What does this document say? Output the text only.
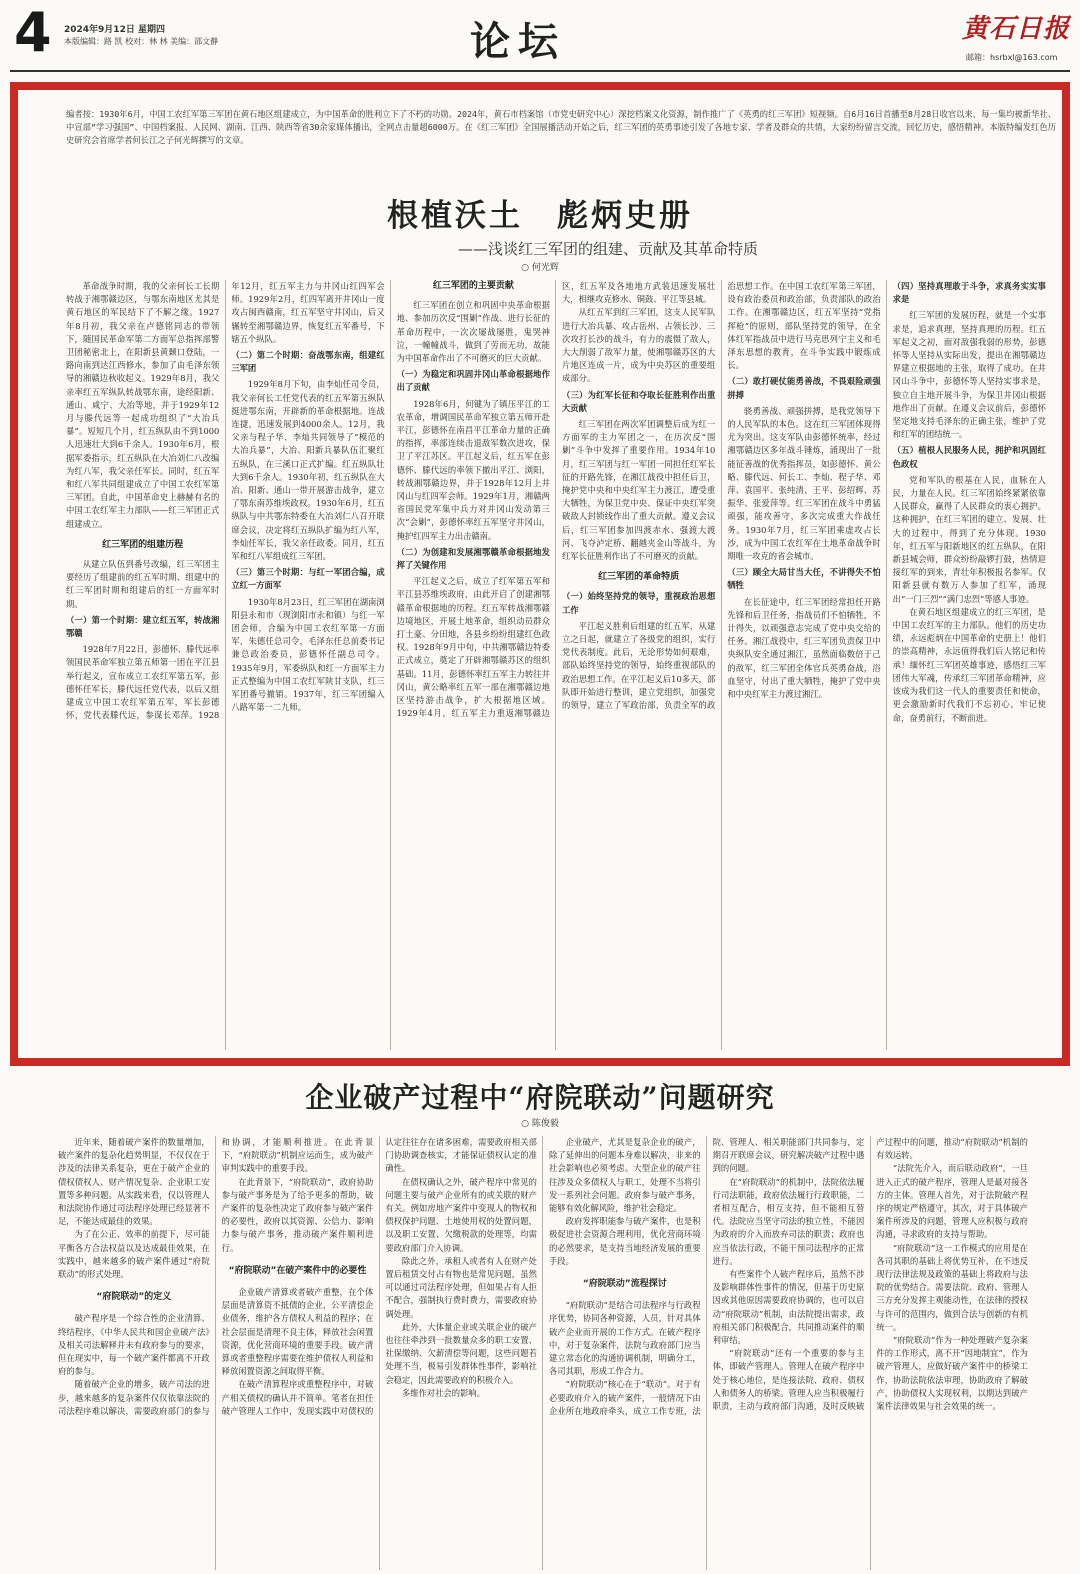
4 2024年9月12日 星期四
本版编辑：路 凯 校对：林 林 美编：邵文静	论坛	黄石日报
邮箱：hsrbxl@163.com
编者按：1930年6月，中国工农红军第三军团在黄石地区组建成立，为中国革命的胜利立下了不朽的功勋。2024年，黄石市档案馆（市党史研究中心）深挖档案文化资源，制作推广了《英勇的红三军团》短视频。自6月16日首播至8月28日收官以来，每一集均被新华社、中宣部“学习强国”、中国档案报、人民网、湖南、江西、陕西等省30余家媒体播出，全网点击量超6000万。在《红三军团》全国展播活动开始之后，红三军团的英勇事迹引发了各地专家、学者及群众的共情，大家纷纷留言交流，回忆历史，感悟精神。本版特编发红色历史研究会首席学者何长江之子何光辉撰写的文章。
根植沃土　彪炳史册
——浅谈红三军团的组建、贡献及其革命特质
○ 何光辉

革命战争时期，我的父亲何长工长期转战于湘鄂赣边区，与鄂东南地区尤其是黄石地区的军民结下了不解之缘。1927年8月初，我父亲在卢德铭同志的带领下，随国民革命军第二方面军总指挥部警卫团秘密北上，在阳新县黄颡口登陆，一路向南到达江西修水，参加了由毛泽东领导的湘赣边秋收起义。1929年8月，我父亲率红五军纵队转战鄂东南，途经阳新、通山、咸宁、大冶等地，并于1929年12月与滕代远等一起成功组织了“大冶兵暴”。短短几个月，红五纵队由不到1000人迅速壮大到6千余人。1930年6月，根据军委指示，红五纵队在大冶刘仁八改编为红八军，我父亲任军长。同时，红五军和红八军共同组建成立了中国工农红军第三军团。自此，中国革命史上赫赫有名的中国工农红军主力部队——红三军团正式组建成立。

红三军团的组建历程

从建立队伍到番号改编，红三军团主要经历了组建前的红五军时期、组建中的红三军团时期和组建后的红一方面军时期。

（一）第一个时期：建立红五军，转战湘鄂赣

1928年7月22日，彭德怀、滕代远率领国民革命军独立第五师第一团在平江县举行起义，宣布成立工农红军第五军，彭德怀任军长，滕代远任党代表，以后又组建成立中国工农红军第五军，军长彭德怀，党代表滕代远，参谋长邓萍。1928年12月，红五军主力与井冈山红四军会师。1929年2月，红四军离开井冈山一度攻占闽西赣南，红五军坚守井冈山，后又辗转至湘鄂赣边界，恢复红五军番号，下辖五个纵队。

（二）第二个时期：奋战鄂东南，组建红三军团

1929年8月下旬，由李灿任司令员，我父亲何长工任党代表的红五军第五纵队挺进鄂东南，开辟新的革命根据地。连战连捷，迅速发展到4000余人。12月，我父亲与程子华、李灿共同领导了“模范的大冶兵暴”，大冶、阳新兵暴队伍汇聚红五纵队，在三溪口正式扩编。红五纵队壮大到6千余人。1930年初，红五纵队在大冶、阳新、通山一带开展游击战争，建立了鄂东南苏维埃政权。1930年6月，红五纵队与中共鄂东特委在大冶刘仁八召开联席会议，决定将红五纵队扩编为红八军，李灿任军长，我父亲任政委。同月，红五军和红八军组成红三军团。

（三）第三个时期：与红一军团合编，成立红一方面军

1930年8月23日，红三军团在湖南浏阳县永和市（现浏阳市永和镇）与红一军团会师，合编为中国工农红军第一方面军，朱德任总司令，毛泽东任总前委书记兼总政治委员，彭德怀任副总司令。1935年9月，军委纵队和红一方面军主力正式整编为中国工农红军陕甘支队，红三军团番号撤销。1937年，红三军团编入八路军第一二九师。

红三军团的主要贡献

红三军团在创立和巩固中央革命根据地、参加历次反“围剿”作战、进行长征的革命历程中，一次次屡战屡胜，鬼哭神泣，一幢幢战斗，做到了劳而无功，故能为中国革命作出了不可磨灭的巨大贡献。

（一）为稳定和巩固井冈山革命根据地作出了贡献

1928年6月，何键为了镇压平江的工农革命，增调国民革命军独立第五师开赴平江，彭德怀在南昌平江革命力量的正确的指挥，率部连续击退敌军数次进攻，保卫了平江苏区。平江起义后，红五军在彭德怀、滕代远的率领下撤出平江、浏阳，转战湘鄂赣边界，并于1928年12月上井冈山与红四军会师。1929年1月，湘赣两省国民党军集中兵力对井冈山发动第三次“会剿”，彭德怀率红五军坚守井冈山，掩护红四军主力出击赣南。

（二）为创建和发展湘鄂赣革命根据地发挥了关键作用

平江起义之后，成立了红军第五军和平江县苏维埃政府，由此开启了创建湘鄂赣革命根据地的历程。红五军转战湘鄂赣边境地区，开展土地革命，组织动员群众打土豪、分田地，各县乡纷纷组建红色政权。1928年9月中旬，中共湘鄂赣边特委正式成立，奠定了开辟湘鄂赣苏区的组织基础。11月，彭德怀率红五军主力转往井冈山，黄公略率红五军一部在湘鄂赣边地区坚持游击战争，扩大根据地区域。1929年4月，红五军主力重返湘鄂赣边区，红五军及各地地方武装迅速发展壮大，相继攻克修水、铜鼓、平江等县城。

从红五军到红三军团，这支人民军队进行大冶兵暴、攻占岳州、占领长沙、三次攻打长沙的战斗，有力的震慑了敌人，大大削弱了敌军力量，使湘鄂赣苏区的大片地区连成一片，成为中央苏区的重要组成部分。

（三）为红军长征和夺取长征胜利作出重大贡献

红三军团在两次军团调整后成为红一方面军的主力军团之一，在历次反“围剿”斗争中发挥了重要作用。1934年10月，红三军团与红一军团一同担任红军长征的开路先锋，在湘江战役中担任后卫，掩护党中央和中央红军主力渡江，遭受重大牺牲，为保卫党中央、保证中央红军突破敌人封锁线作出了重大贡献。遵义会议后，红三军团参加四渡赤水、强渡大渡河、飞夺泸定桥、翻越夹金山等战斗，为红军长征胜利作出了不可磨灭的贡献。

红三军团的革命特质

（一）始终坚持党的领导，重视政治思想工作

平江起义胜利后组建的红五军，从建立之日起，就建立了各级党的组织，实行党代表制度。此后，无论形势如何艰难，部队始终坚持党的领导，始终重视部队的政治思想工作。在平江起义后10多天，部队即开始进行整训，建立党组织，加强党的领导，建立了军政治部，负责全军的政治思想工作。在中国工农红军第三军团，设有政治委员和政治部，负责部队的政治工作。在湘鄂赣边区，红五军坚持“党指挥枪”的原则，部队坚持党的领导，在全体红军指战员中进行马克思列宁主义和毛泽东思想的教育，在斗争实践中锻炼成长。

（二）敢打硬仗能勇善战，不畏艰险顽强拼搏

骁勇善战、顽强拼搏，是我党领导下的人民军队的本色。这在红三军团体现得尤为突出。这支军队由彭德怀统率，经过湘鄂赣边区多年战斗锤炼，涌现出了一批能征善战的优秀指挥员，如彭德怀、黄公略、滕代远、何长工、李灿、程子华、邓萍、袁国平、张纯清、王平、彭绍辉、苏振华、张爱萍等。红三军团在战斗中勇猛顽强，能攻善守，多次完成重大作战任务。1930年7月，红三军团乘虚攻占长沙，成为中国工农红军在土地革命战争时期唯一攻克的省会城市。

（三）顾全大局甘当大任，不讲得失不怕牺牲

在长征途中，红三军团经常担任开路先锋和后卫任务，指战员们不怕牺牲，不计得失，以顽强意志完成了党中央交给的任务。湘江战役中，红三军团负责保卫中央纵队安全通过湘江，虽然面临数倍于己的敌军，红三军团全体官兵英勇奋战，浴血坚守，付出了重大牺牲，掩护了党中央和中央红军主力渡过湘江。

（四）坚持真理敢于斗争，求真务实实事求是

红三军团的发展历程，就是一个实事求是，追求真理，坚持真理的历程。红五军起义之初，面对敌强我弱的形势，彭德怀等人坚持从实际出发，提出在湘鄂赣边界建立根据地的主张，取得了成功。在井冈山斗争中，彭德怀等人坚持实事求是，独立自主地开展斗争，为保卫井冈山根据地作出了贡献。在遵义会议前后，彭德怀坚定地支持毛泽东的正确主张，维护了党和红军的团结统一。

（五）植根人民服务人民，拥护和巩固红色政权

党和军队的根基在人民，血脉在人民，力量在人民。红三军团始终紧紧依靠人民群众，赢得了人民群众的衷心拥护。这种拥护，在红三军团的建立、发展、壮大的过程中，得到了充分体现。1930年，红五军与阳新地区的红五纵队，在阳新县城会师，群众纷纷敲锣打鼓，热情迎接红军的到来，青壮年积极报名参军。仅阳新县就有数万人参加了红军，涌现出“一门三烈”“满门忠烈”等感人事迹。

在黄石地区组建成立的红三军团，是中国工农红军的主力部队。他们的历史功绩，永远彪炳在中国革命的史册上！他们的崇高精神，永远值得我们后人铭记和传承！缅怀红三军团英雄事迹，感悟红三军团伟大军魂，传承红三军团革命精神，应该成为我们这一代人的重要责任和使命，更会激励新时代我们不忘初心，牢记使命，奋勇前行，不断前进。

企业破产过程中“府院联动”问题研究
○ 陈俊毅

近年来，随着破产案件的数量增加，破产案件的复杂化趋势明显，不仅仅在于涉及的法律关系复杂，更在于破产企业的债权债权人、财产情况复杂、企业职工安置等多种问题。从实践来看，仅以管理人和法院协作通过司法程序处理已经显著不足，不能达成最佳的效果。

为了在公正、效率的前提下，尽可能平衡各方合法权益以及达成最佳效果，在实践中，越来越多的破产案件通过“府院联动”的形式处理。

“府院联动”的定义

破产程序是一个综合性的企业清算、终结程序，《中华人民共和国企业破产法》及相关司法解释并未有政府参与的要求，但在现实中，每一个破产案件都离不开政府的参与。

随着破产企业的增多，破产司法的进步，越来越多的复杂案件仅仅依靠法院的司法程序难以解决，需要政府部门的参与和协调，才能顺利推进。在此背景下，“府院联动”机制应运而生，成为破产审判实践中的重要手段。

在此背景下，“府院联动”，政府协助参与破产事务是为了给予更多的帮助，破产案件的复杂性决定了政府参与破产案件的必要性，政府以其资源、公信力、影响力参与破产事务，推动破产案件顺利进行。

“府院联动”在破产案件中的必要性

企业破产清算或者破产重整，在个体层面是清算资不抵债的企业，公平清偿企业债务，维护各方债权人利益的程序；在社会层面是清理不良主体，释放社会闲置资源，优化营商环境的重要手段。破产清算或者重整程序需要在维护债权人利益和释放闲置资源之间取得平衡。

在破产清算程序或重整程序中，对破产相关债权的确认并不简单。笔者在担任破产管理人工作中，发现实践中对债权的认定往往存在诸多困难，需要政府相关部门协助调查核实，才能保证债权认定的准确性。

在债权确认之外，破产程序中常见的问题主要与破产企业所有的或关联的财产有关。例如房地产案件中变现人的物权和债权保护问题、土地使用权的处置问题，以及职工安置、欠缴税款的处理等，均需要政府部门介入协调。

除此之外，承租人或者有人在财产处置后租赁交付占有物也是常见问题，虽然可以通过司法程序处理，但如果占有人拒不配合，强制执行费时费力，需要政府协调处理。

此外，大体量企业或关联企业的破产也往往牵涉到一批数量众多的职工安置、社保缴纳、欠薪清偿等问题，这些问题若处理不当，极易引发群体性事件，影响社会稳定，因此需要政府的积极介入。

多维作对社会的影响。

企业破产，尤其是复杂企业的破产，除了延伸出的问题本身难以解决，非来的社会影响也必须考虑。大型企业的破产往往涉及众多债权人与职工，处理不当将引发一系列社会问题。政府参与破产事务，能够有效化解风险，维护社会稳定。

政府发挥职能参与破产案件，也是积极促进社会资源合理利用，优化营商环境的必然要求，是支持当地经济发展的重要手段。

“府院联动”流程探讨

“府院联动”是结合司法程序与行政程序优势，协同各种资源，人员，针对具体破产企业而开展的工作方式。在破产程序中，对于复杂案件，法院与政府部门应当建立常态化的沟通协调机制，明确分工，各司其职，形成工作合力。

“府院联动”核心在于“联动”。对于有必要政府介入的破产案件，一般情况下由企业所在地政府牵头，成立工作专班，法院、管理人、相关职能部门共同参与，定期召开联席会议，研究解决破产过程中遇到的问题。

在“府院联动”的机制中，法院依法履行司法职能，政府依法履行行政职能，二者相互配合，相互支持，但不能相互替代。法院应当坚守司法的独立性，不能因为政府的介入而放弃司法的职责；政府也应当依法行政，不能干预司法程序的正常进行。

有些案件个人破产程序后，虽然不涉及影响群体性事件的情况，但基于历史原因或其他原因需要政府协调的，也可以启动“府院联动”机制，由法院提出需求，政府相关部门积极配合，共同推动案件的顺利审结。

“府院联动”还有一个重要的参与主体，即破产管理人。管理人在破产程序中处于核心地位，是连接法院、政府、债权人和债务人的桥梁。管理人应当积极履行职责，主动与政府部门沟通，及时反映破产过程中的问题，推动“府院联动”机制的有效运转。

“法院先介入，而后联动政府”，一旦进入正式的破产程序，管理人是最对接各方的主体。管理人首先，对于法院破产程序的规定严格遵守，其次，对于具体破产案件所涉及的问题，管理人应积极与政府沟通，寻求政府的支持与帮助。

“府院联动”这一工作模式的应用是在各司其职的基础上将优势互补，在不违反现行法律法规及政策的基础上将政府与法院的优势结合。需要法院、政府、管理人三方充分发挥主观能动性，在法律的授权与许可的范围内，做到合法与创新的有机统一。

“府院联动”作为一种处理破产复杂案件的工作形式，离不开“因地制宜”，作为破产管理人，应做好破产案件中的桥梁工作，协助法院依法审理，协助政府了解破产，协助债权人实现权利，以期达到破产案件法律效果与社会效果的统一。
